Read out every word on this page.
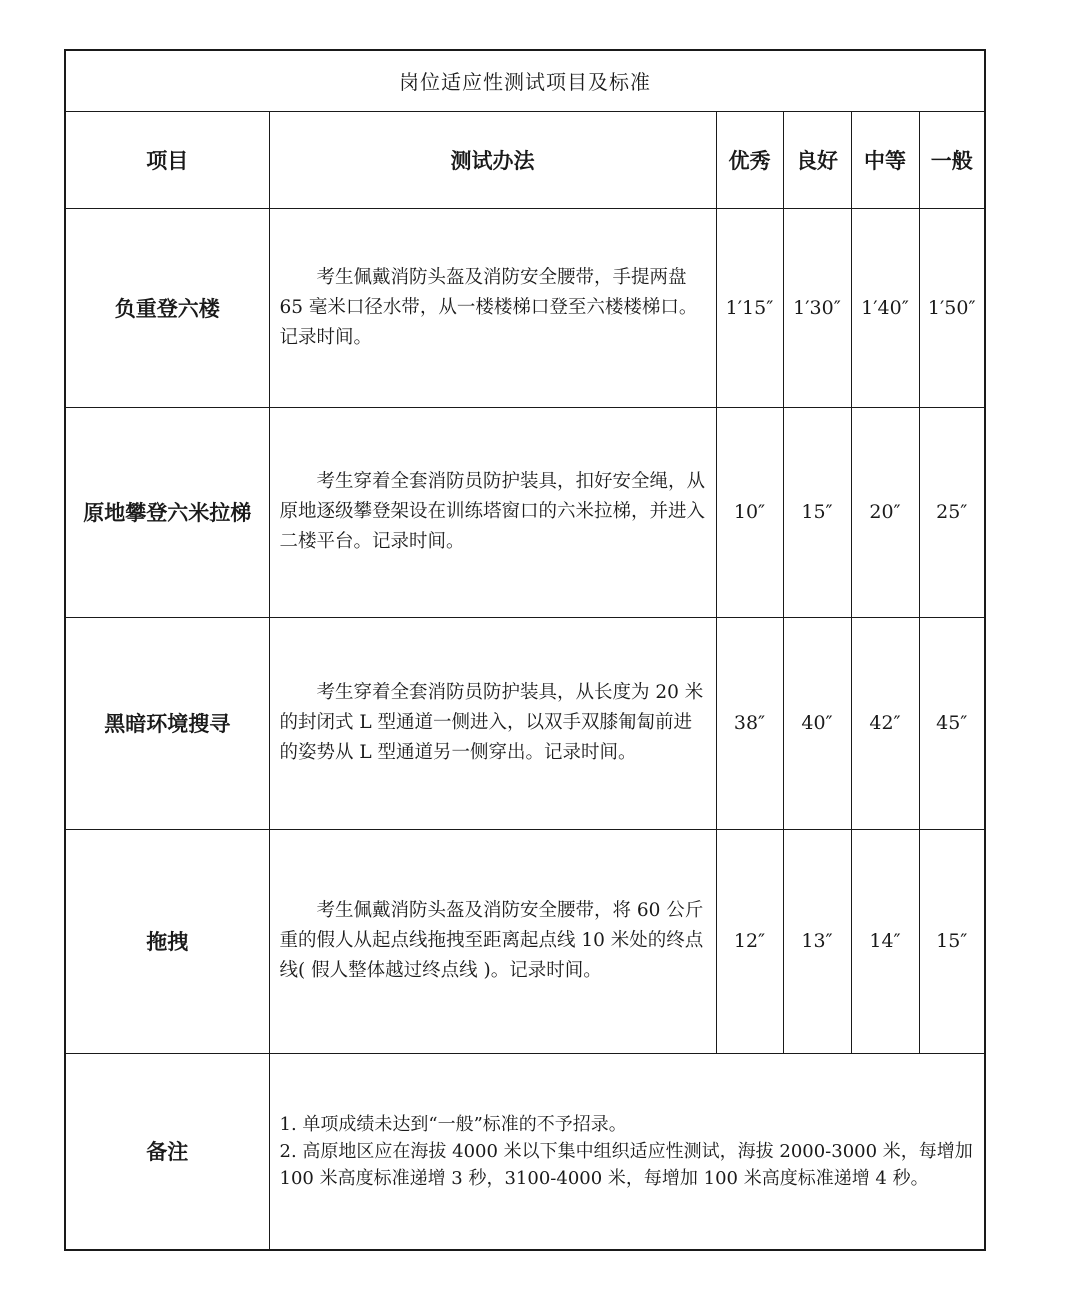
岗位适应性测试项目及标准					
项目	测试办法	优秀	良好	中等	一般
负重登六楼	考生佩戴消防头盔及消防安全腰带，手提两盘 65 毫米口径水带，从一楼楼梯口登至六楼楼梯口。记录时间。	1′15″	1′30″	1′40″	1′50″
原地攀登六米拉梯	考生穿着全套消防员防护装具，扣好安全绳，从原地逐级攀登架设在训练塔窗口的六米拉梯，并进入二楼平台。记录时间。	10″	15″	20″	25″
黑暗环境搜寻	考生穿着全套消防员防护装具，从长度为 20 米的封闭式 L 型通道一侧进入，以双手双膝匍匐前进的姿势从 L 型通道另一侧穿出。记录时间。	38″	40″	42″	45″
拖拽	考生佩戴消防头盔及消防安全腰带，将 60 公斤重的假人从起点线拖拽至距离起点线 10 米处的终点线( 假人整体越过终点线 )。记录时间。	12″	13″	14″	15″
备注	1. 单项成绩未达到“一般”标准的不予招录。

2. 高原地区应在海拔 4000 米以下集中组织适应性测试，海拔 2000-3000 米，每增加 100 米高度标准递增 3 秒，3100-4000 米，每增加 100 米高度标准递增 4 秒。				
